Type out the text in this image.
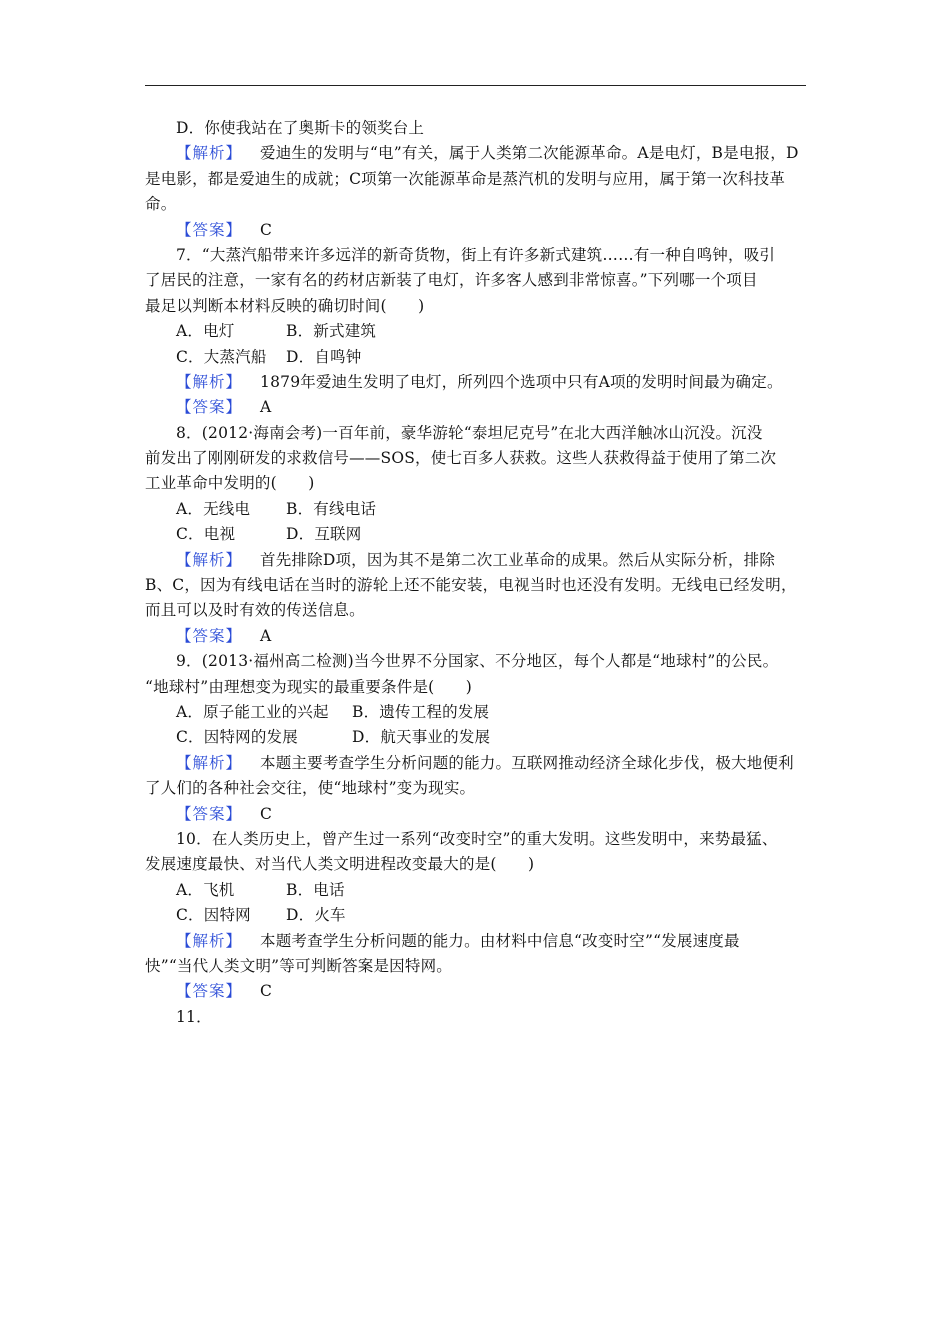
D．你使我站在了奥斯卡的领奖台上
【解析】 爱迪生的发明与“电”有关，属于人类第二次能源革命。A是电灯，B是电报，D
是电影，都是爱迪生的成就；C项第一次能源革命是蒸汽机的发明与应用，属于第一次科技革
命。
【答案】 C
7．“大蒸汽船带来许多远洋的新奇货物，街上有许多新式建筑……有一种自鸣钟，吸引
了居民的注意，一家有名的药材店新装了电灯，许多客人感到非常惊喜。”下列哪一个项目
最足以判断本材料反映的确切时间(　　)
A．电灯	B．新式建筑
C．大蒸汽船 D．自鸣钟
【解析】 1879年爱迪生发明了电灯，所列四个选项中只有A项的发明时间最为确定。
【答案】 A
8．(2012·海南会考)一百年前，豪华游轮“泰坦尼克号”在北大西洋触冰山沉没。沉没
前发出了刚刚研发的求救信号——SOS，使七百多人获救。这些人获救得益于使用了第二次
工业革命中发明的(　　)
A．无线电 B．有线电话
C．电视	D．互联网
【解析】 首先排除D项，因为其不是第二次工业革命的成果。然后从实际分析，排除
B、C，因为有线电话在当时的游轮上还不能安装，电视当时也还没有发明。无线电已经发明，
而且可以及时有效的传送信息。
【答案】 A
9．(2013·福州高二检测)当今世界不分国家、不分地区，每个人都是“地球村”的公民。
“地球村”由理想变为现实的最重要条件是(　　)
A．原子能工业的兴起 B．遗传工程的发展
C．因特网的发展	D．航天事业的发展
【解析】 本题主要考查学生分析问题的能力。互联网推动经济全球化步伐，极大地便利
了人们的各种社会交往，使“地球村”变为现实。
【答案】 C
10．在人类历史上，曾产生过一系列“改变时空”的重大发明。这些发明中，来势最猛、
发展速度最快、对当代人类文明进程改变最大的是(　　)
A．飞机	B．电话
C．因特网 D．火车
【解析】 本题考查学生分析问题的能力。由材料中信息“改变时空”“发展速度最
快”“当代人类文明”等可判断答案是因特网。
【答案】 C
11．
